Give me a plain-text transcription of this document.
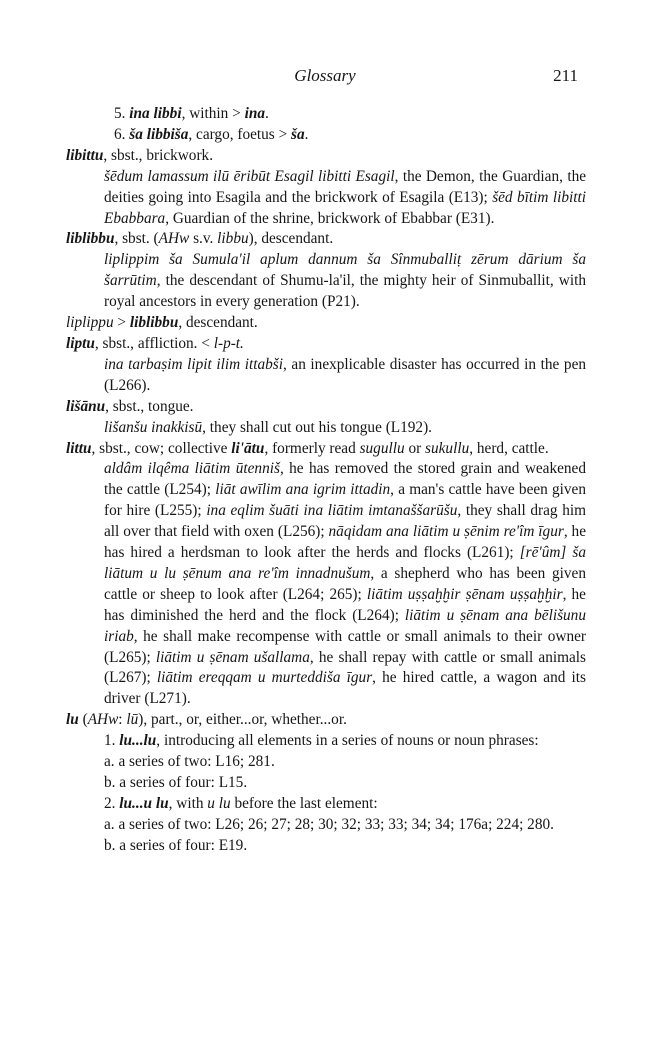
Glossary	211

5. ina libbi, within > ina.

6. ša libbiša, cargo, foetus > ša.

libittu, sbst., brickwork.

šēdum lamassum ilū ēribūt Esagil libitti Esagil, the Demon, the Guardian, the deities going into Esagila and the brickwork of Esagila (E13); šēd bītim libitti Ebabbara, Guardian of the shrine, brickwork of Ebabbar (E31).

liblibbu, sbst. (AHw s.v. libbu), descendant.

liplippim ša Sumula'il aplum dannum ša Sînmuballiṭ zērum dārium ša šarrūtim, the descendant of Shumu-la'il, the mighty heir of Sinmuballit, with royal ancestors in every generation (P21).

liplippu > liblibbu, descendant.

liptu, sbst., affliction. < l-p-t.

ina tarbaṣim lipit ilim ittabši, an inexplicable disaster has occurred in the pen (L266).

lišānu, sbst., tongue.

lišanšu inakkisū, they shall cut out his tongue (L192).

littu, sbst., cow; collective li'ātu, formerly read sugullu or sukullu, herd, cattle.

aldâm ilqêma liātim ūtenniš, he has removed the stored grain and weakened the cattle (L254); liāt awīlim ana igrim ittadin, a man's cattle have been given for hire (L255); ina eqlim šuāti ina liātim imtanaššarūšu, they shall drag him all over that field with oxen (L256); nāqidam ana liātim u ṣēnim re'îm īgur, he has hired a herdsman to look after the herds and flocks (L261); [rē'ûm] ša liātum u lu ṣēnum ana re'îm innadnušum, a shepherd who has been given cattle or sheep to look after (L264; 265); liātim uṣṣaḫḫir ṣēnam uṣṣaḫḫir, he has diminished the herd and the flock (L264); liātim u ṣēnam ana bēlišunu iriab, he shall make recompense with cattle or small animals to their owner (L265); liātim u ṣēnam ušallama, he shall repay with cattle or small animals (L267); liātim ereqqam u murteddiša īgur, he hired cattle, a wagon and its driver (L271).

lu (AHw: lū), part., or, either...or, whether...or.

1. lu...lu, introducing all elements in a series of nouns or noun phrases:

a. a series of two: L16; 281.

b. a series of four: L15.

2. lu...u lu, with u lu before the last element:

a. a series of two: L26; 26; 27; 28; 30; 32; 33; 33; 34; 34; 176a; 224; 280.

b. a series of four: E19.
